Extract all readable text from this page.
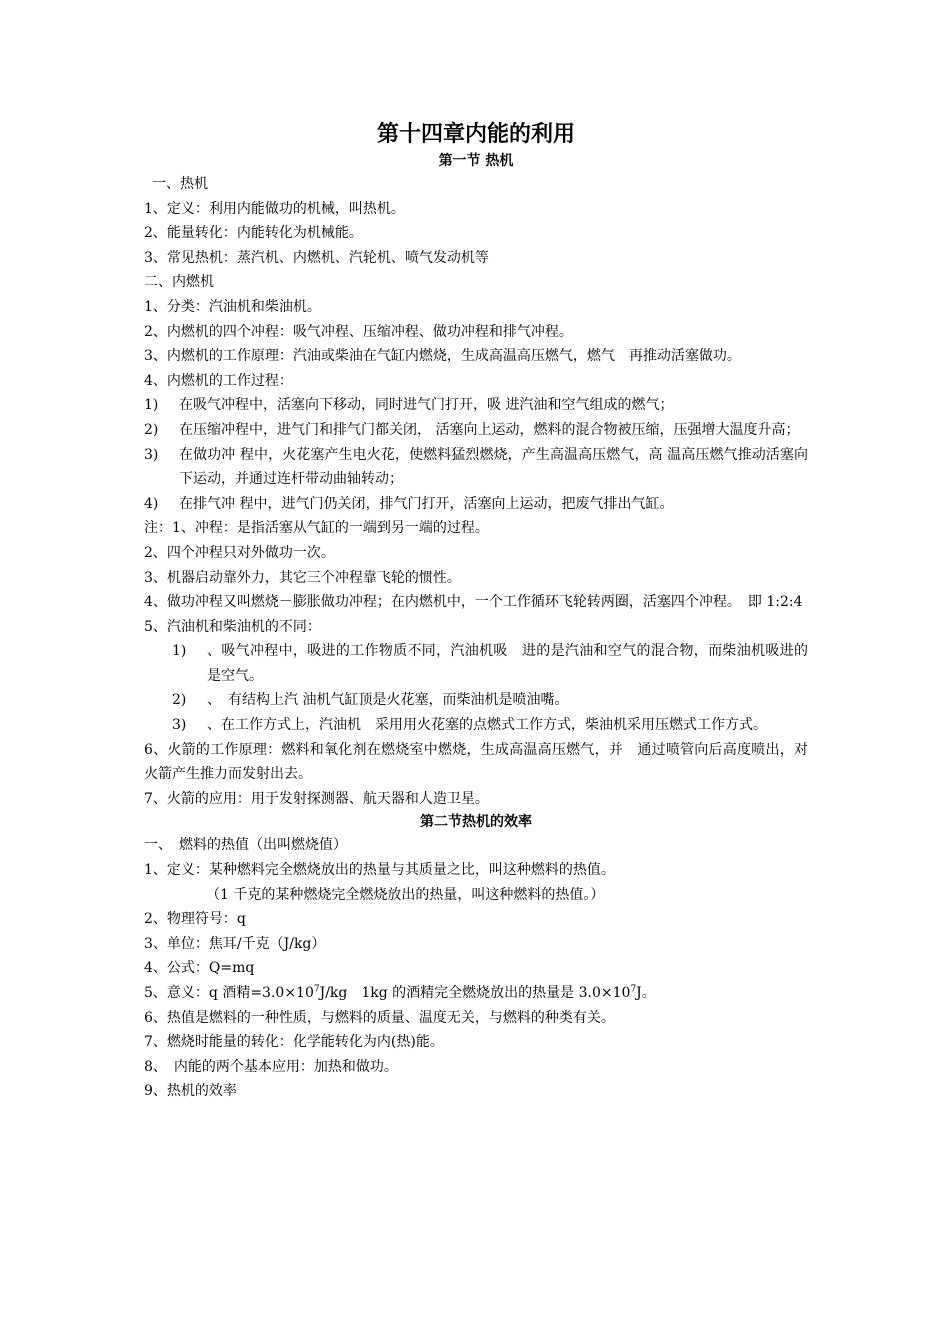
第十四章内能的利用
第一节 热机
一、热机
1、定义：利用内能做功的机械，叫热机。
2、能量转化：内能转化为机械能。
3、常见热机：蒸汽机、内燃机、汽轮机、喷气发动机等
二、内燃机
1、分类：汽油机和柴油机。
2、内燃机的四个冲程：吸气冲程、压缩冲程、做功冲程和排气冲程。
3、内燃机的工作原理：汽油或柴油在气缸内燃烧，生成高温高压燃气，燃气　再推动活塞做功。
4、内燃机的工作过程：
1)	在吸气冲程中，活塞向下移动，同时进气门打开，吸 进汽油和空气组成的燃气；
2)	在压缩冲程中，进气门和排气门都关闭， 活塞向上运动，燃料的混合物被压缩，压强增大温度升高；
3)	在做功冲 程中，火花塞产生电火花，使燃料猛烈燃烧，产生高温高压燃气，高 温高压燃气推动活塞向下运动，并通过连杆带动曲轴转动；
4)	在排气冲 程中，进气门仍关闭，排气门打开，活塞向上运动，把废气排出气缸。
注：1、冲程：是指活塞从气缸的一端到另一端的过程。
2、四个冲程只对外做功一次。
3、机器启动靠外力，其它三个冲程靠飞轮的惯性。
4、做功冲程又叫燃烧－膨胀做功冲程；在内燃机中，一个工作循环飞轮转两圈，活塞四个冲程。　即 1:2:4
5、汽油机和柴油机的不同：
1)	、吸气冲程中，吸进的工作物质不同，汽油机吸　进的是汽油和空气的混合物，而柴油机吸进的是空气。
2)	、　有结构上汽 油机气缸顶是火花塞，而柴油机是喷油嘴。
3)	、在工作方式上，汽油机　采用用火花塞的点燃式工作方式，柴油机采用压燃式工作方式。
6、火箭的工作原理：燃料和氧化剂在燃烧室中燃烧，生成高温高压燃气，并　通过喷管向后高度喷出，对火箭产生推力而发射出去。
7、火箭的应用：用于发射探测器、航天器和人造卫星。
第二节热机的效率
一、　燃料的热值（出叫燃烧值）
1、定义：某种燃料完全燃烧放出的热量与其质量之比，叫这种燃料的热值。
（1 千克的某种燃烧完全燃烧放出的热量，叫这种燃料的热值。）
2、物理符号：q
3、单位：焦耳/千克（J/kg）
4、公式：Q=mq
5、意义：q 酒精$=3.0\times 10^7J/kg$　1kg 的酒精完全燃烧放出的热量是 $3.0\times 10^7J$。
6、热值是燃料的一种性质，与燃料的质量、温度无关，与燃料的种类有关。
7、燃烧时能量的转化：化学能转化为内(热)能。
8、　内能的两个基本应用：加热和做功。
9、热机的效率
